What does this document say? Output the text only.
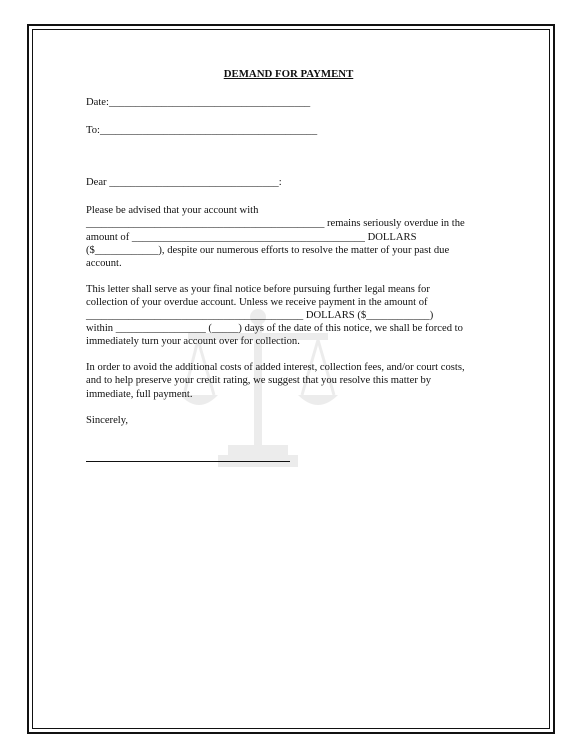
DEMAND FOR PAYMENT
Date:______________________________________
To:_________________________________________
Dear ________________________________:

Please be advised that your account with
_____________________________________________ remains seriously overdue in the
amount of ____________________________________________ DOLLARS
($____________), despite our numerous efforts to resolve the matter of your past due
account.

This letter shall serve as your final notice before pursuing further legal means for
collection of your overdue account. Unless we receive payment in the amount of
_________________________________________ DOLLARS ($____________)
within _________________ (_____) days of the date of this notice, we shall be forced to
immediately turn your account over for collection.

In order to avoid the additional costs of added interest, collection fees, and/or court costs,
and to help preserve your credit rating, we suggest that you resolve this matter by
immediate, full payment.

Sincerely,
